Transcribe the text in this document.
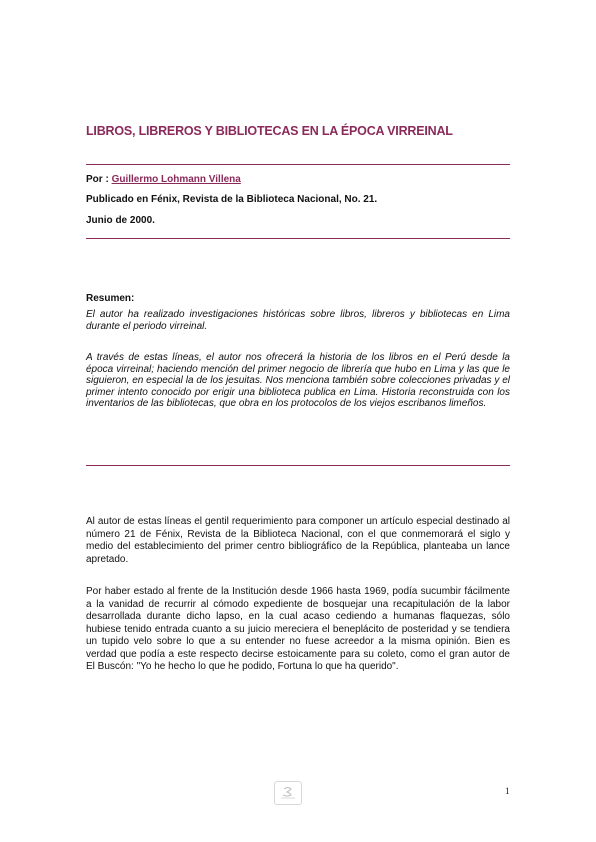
LIBROS, LIBREROS Y BIBLIOTECAS EN LA ÉPOCA VIRREINAL
Por : Guillermo Lohmann Villena
Publicado en Fénix, Revista de la Biblioteca Nacional, No. 21.
Junio de 2000.
Resumen:

El autor ha realizado investigaciones históricas sobre libros, libreros y bibliotecas en Lima durante el periodo virreinal.

A través de estas líneas, el autor nos ofrecerá la historia de los libros en el Perú desde la época virreinal; haciendo mención del primer negocio de librería que hubo en Lima y las que le siguieron, en especial la de los jesuitas. Nos menciona también sobre colecciones privadas y el primer intento conocido por erigir una biblioteca publica en Lima. Historia reconstruida con los inventarios de las bibliotecas, que obra en los protocolos de los viejos escribanos limeños.

Al autor de estas líneas el gentil requerimiento para componer un artículo especial destinado al número 21 de Fénix, Revista de la Biblioteca Nacional, con el que conmemorará el siglo y medio del establecimiento del primer centro bibliográfico de la República, planteaba un lance apretado.

Por haber estado al frente de la Institución desde 1966 hasta 1969, podía sucumbir fácilmente a la vanidad de recurrir al cómodo expediente de bosquejar una recapitulación de la labor desarrollada durante dicho lapso, en la cual acaso cediendo a humanas flaquezas, sólo hubiese tenido entrada cuanto a su juicio mereciera el beneplácito de posteridad y se tendiera un tupido velo sobre lo que a su entender no fuese acreedor a la misma opinión. Bien es verdad que podía a este respecto decirse estoicamente para su coleto, como el gran autor de El Buscón: "Yo he hecho lo que he podido, Fortuna lo que ha querido".

1
